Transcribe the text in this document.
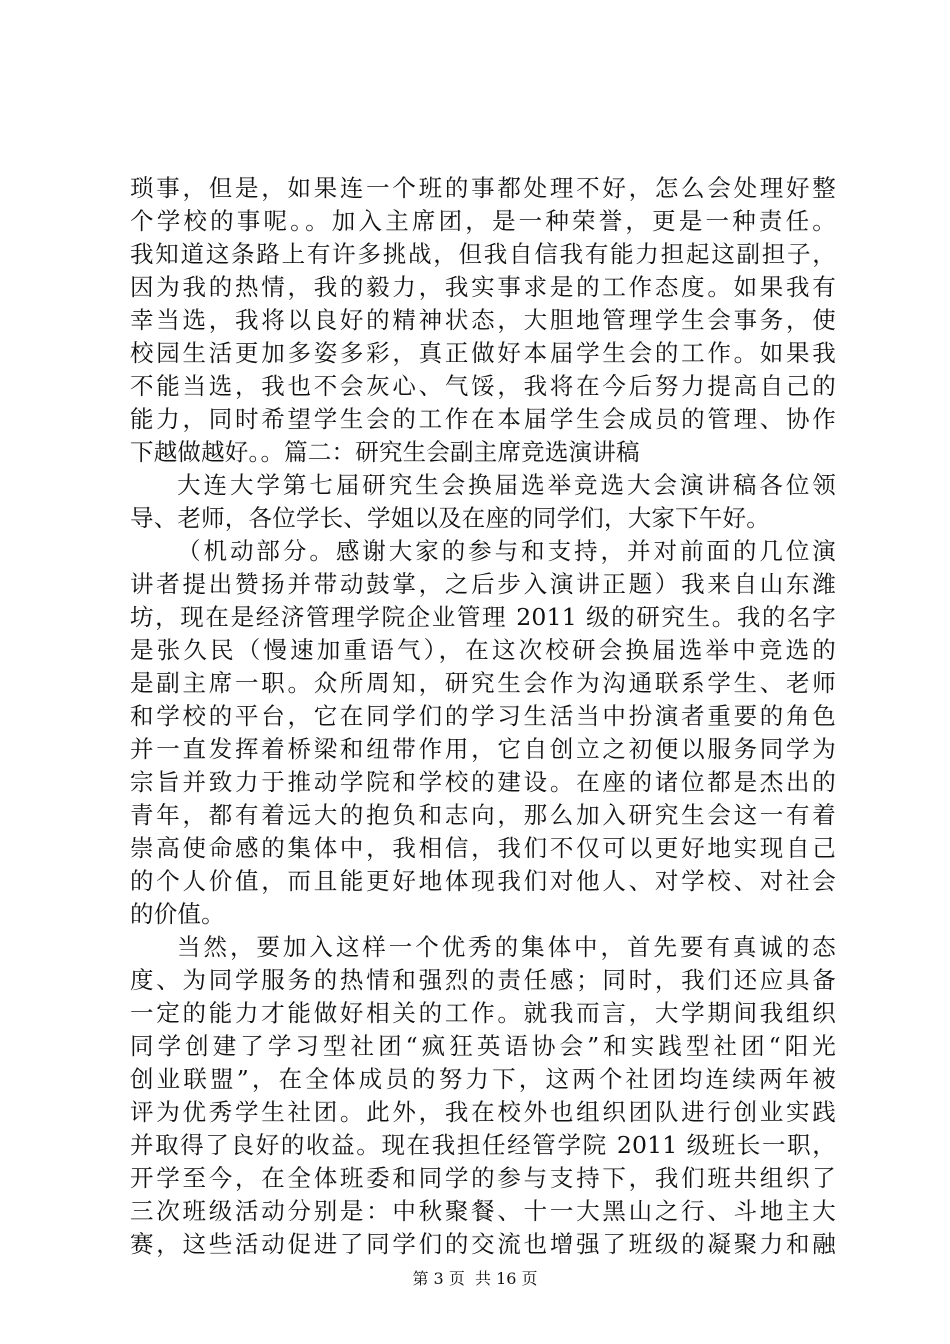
琐事，但是，如果连一个班的事都处理不好，怎么会处理好整
个学校的事呢。。加入主席团，是一种荣誉，更是一种责任。
我知道这条路上有许多挑战，但我自信我有能力担起这副担子，
因为我的热情，我的毅力，我实事求是的工作态度。如果我有
幸当选，我将以良好的精神状态，大胆地管理学生会事务，使
校园生活更加多姿多彩，真正做好本届学生会的工作。如果我
不能当选，我也不会灰心、气馁，我将在今后努力提高自己的
能力，同时希望学生会的工作在本届学生会成员的管理、协作
下越做越好。。篇二：研究生会副主席竞选演讲稿
大连大学第七届研究生会换届选举竞选大会演讲稿各位领
导、老师，各位学长、学姐以及在座的同学们，大家下午好。
（机动部分。感谢大家的参与和支持，并对前面的几位演
讲者提出赞扬并带动鼓掌，之后步入演讲正题）我来自山东潍
坊，现在是经济管理学院企业管理 2011 级的研究生。我的名字
是张久民（慢速加重语气），在这次校研会换届选举中竞选的
是副主席一职。众所周知，研究生会作为沟通联系学生、老师
和学校的平台，它在同学们的学习生活当中扮演者重要的角色
并一直发挥着桥梁和纽带作用，它自创立之初便以服务同学为
宗旨并致力于推动学院和学校的建设。在座的诸位都是杰出的
青年，都有着远大的抱负和志向，那么加入研究生会这一有着
崇高使命感的集体中，我相信，我们不仅可以更好地实现自己
的个人价值，而且能更好地体现我们对他人、对学校、对社会
的价值。
当然，要加入这样一个优秀的集体中，首先要有真诚的态
度、为同学服务的热情和强烈的责任感；同时，我们还应具备
一定的能力才能做好相关的工作。就我而言，大学期间我组织
同学创建了学习型社团“疯狂英语协会”和实践型社团“阳光
创业联盟”，在全体成员的努力下，这两个社团均连续两年被
评为优秀学生社团。此外，我在校外也组织团队进行创业实践
并取得了良好的收益。现在我担任经管学院 2011 级班长一职，
开学至今，在全体班委和同学的参与支持下，我们班共组织了
三次班级活动分别是：中秋聚餐、十一大黑山之行、斗地主大
赛，这些活动促进了同学们的交流也增强了班级的凝聚力和融
第 3 页  共 16 页
